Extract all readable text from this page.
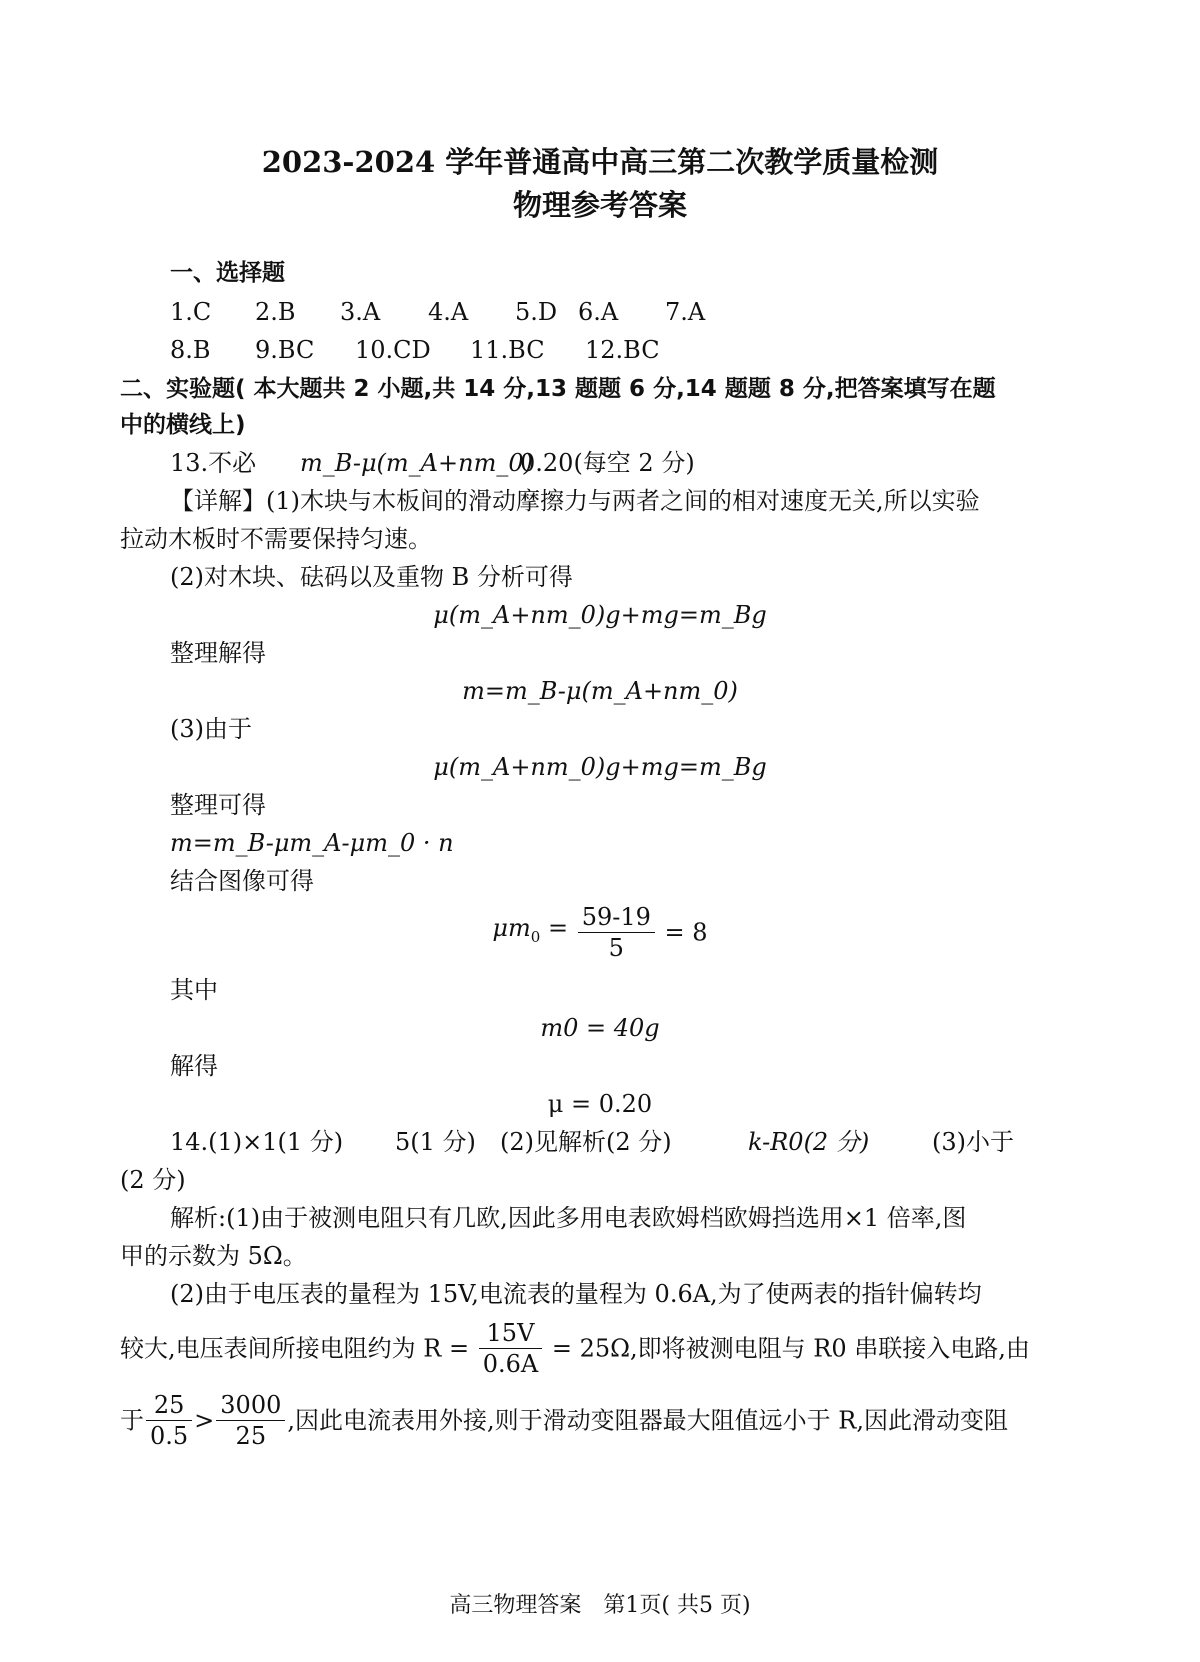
2023-2024 学年普通高中高三第二次教学质量检测
物理参考答案
一、选择题
1.C 2.B 3.A 4.A 5.D 6.A 7.A
8.B 9.BC 10.CD 11.BC 12.BC
二、实验题( 本大题共 2 小题,共 14 分,13 题题 6 分,14 题题 8 分,把答案填写在题
中的横线上)
13.不必 m_B-μ(m_A+nm_0)
0.20(每空 2 分)
【详解】(1)木块与木板间的滑动摩擦力与两者之间的相对速度无关,所以实验
拉动木板时不需要保持匀速。
(2)对木块、砝码以及重物 B 分析可得
μ(m_A+nm_0)g+mg=m_Bg
整理解得
m=m_B-μ(m_A+nm_0)
(3)由于
μ(m_A+nm_0)g+mg=m_Bg
整理可得
m=m_B-μm_A-μm_0 · n
结合图像可得
$\mu m_0 = \frac{59-19}{5} = 8$
其中
m0 = 40g
解得
μ = 0.20
14.(1)×1(1 分) 5(1 分) (2)见解析(2 分)	k-R0(2 分)	(3)小于
(2 分)
解析:(1)由于被测电阻只有几欧,因此多用电表欧姆档欧姆挡选用×1 倍率,图
甲的示数为 5Ω。
(2)由于电压表的量程为 15V,电流表的量程为 0.6A,为了使两表的指针偏转均
较大,电压表间所接电阻约为 $R = \frac{15V}{0.6A} = 25\Omega$,即将被测电阻与 R0 串联接入电路,由
于 $\frac{25}{0.5} > \frac{3000}{25}$ ,因此电流表用外接,则于滑动变阻器最大阻值远小于 R,因此滑动变阻
高三物理答案　第1页( 共5 页)
